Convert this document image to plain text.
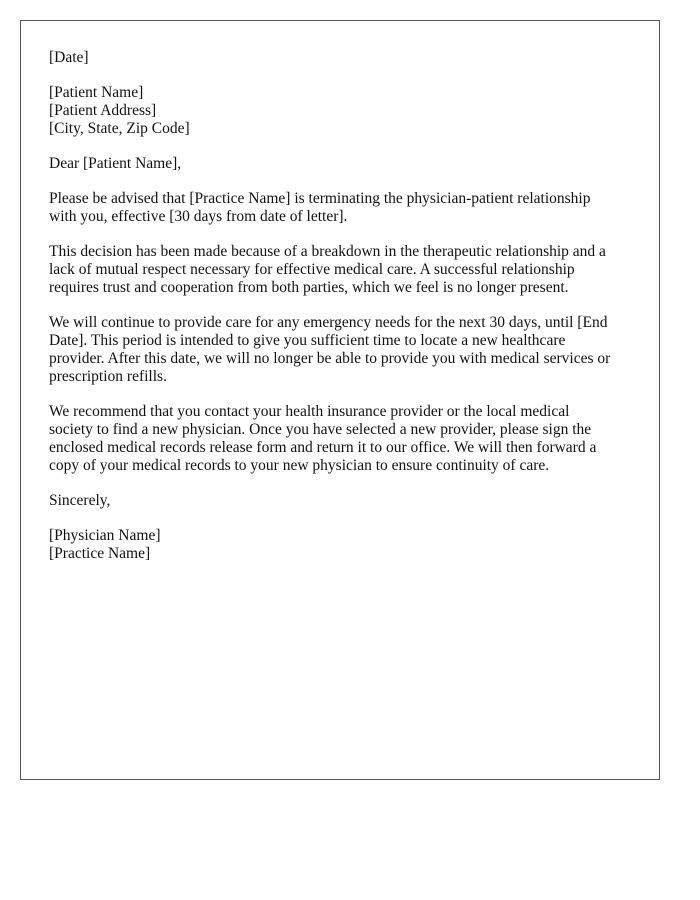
[Date]

[Patient Name]
[Patient Address]
[City, State, Zip Code]

Dear [Patient Name],

Please be advised that [Practice Name] is terminating the physician-patient relationship
with you, effective [30 days from date of letter].

This decision has been made because of a breakdown in the therapeutic relationship and a
lack of mutual respect necessary for effective medical care. A successful relationship
requires trust and cooperation from both parties, which we feel is no longer present.

We will continue to provide care for any emergency needs for the next 30 days, until [End
Date]. This period is intended to give you sufficient time to locate a new healthcare
provider. After this date, we will no longer be able to provide you with medical services or
prescription refills.

We recommend that you contact your health insurance provider or the local medical
society to find a new physician. Once you have selected a new provider, please sign the
enclosed medical records release form and return it to our office. We will then forward a
copy of your medical records to your new physician to ensure continuity of care.

Sincerely,

[Physician Name]
[Practice Name]
